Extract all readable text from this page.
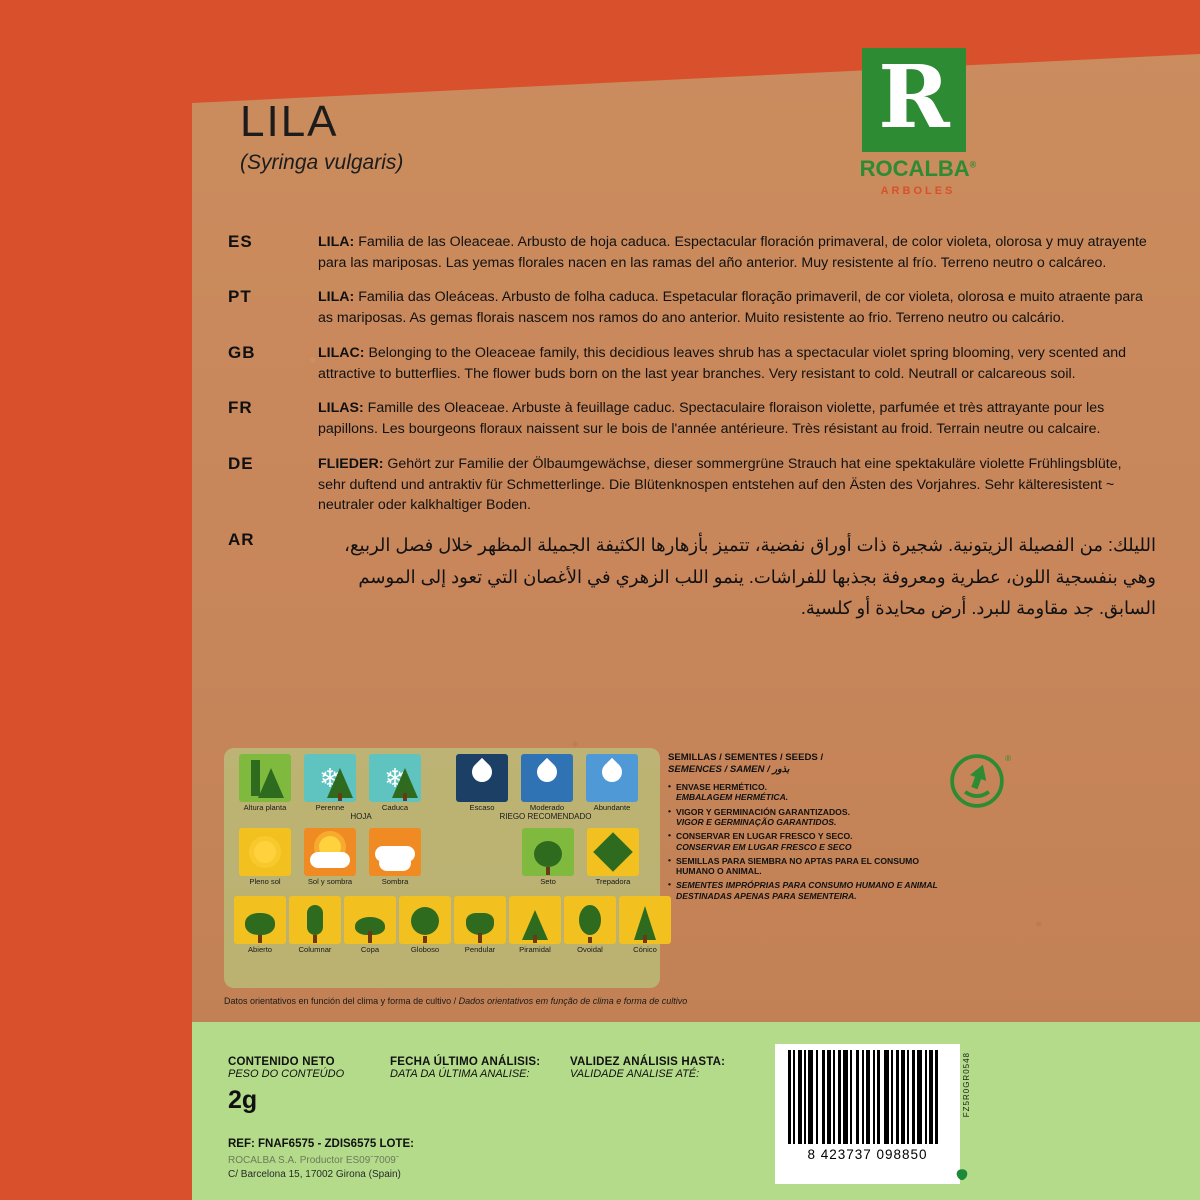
LILA
(Syringa vulgaris)
R
ROCALBA®
ARBOLES
ES	LILA: Familia de las Oleaceae. Arbusto de hoja caduca. Espectacular floración primaveral, de color violeta, olorosa y muy atrayente para las mariposas. Las yemas florales nacen en las ramas del año anterior. Muy resistente al frío. Terreno neutro o calcáreo.
PT	LILA: Familia das Oleáceas. Arbusto de folha caduca. Espetacular floração primaveril, de cor violeta, olorosa e muito atraente para as mariposas. As gemas florais nascem nos ramos do ano anterior. Muito resistente ao frio. Terreno neutro ou calcário.
GB	LILAC: Belonging to the Oleaceae family, this decidious leaves shrub has a spectacular violet spring blooming, very scented and attractive to butterflies. The flower buds born on the last year branches. Very resistant to cold. Neutrall or calcareous soil.
FR	LILAS: Famille des Oleaceae. Arbuste à feuillage caduc. Spectaculaire floraison violette, parfumée et très attrayante pour les papillons. Les bourgeons floraux naissent sur le bois de l'année antérieure. Très résistant au froid. Terrain neutre ou calcaire.
DE	FLIEDER: Gehört zur Familie der Ölbaumgewächse, dieser sommergrüne Strauch hat eine spektakuläre violette Frühlingsblüte, sehr duftend und antraktiv für Schmetterlinge. Die Blütenknospen entstehen auf den Ästen des Vorjahres. Sehr kälteresistent ~ neutraler oder kalkhaltiger Boden.
AR	الليلك: من الفصيلة الزيتونية. شجيرة ذات أوراق نفضية، تتميز بأزهارها الكثيفة الجميلة المظهر خلال فصل الربيع، وهي بنفسجية اللون، عطرية ومعروفة بجذبها للفراشات. ينمو اللب الزهري في الأغصان التي تعود إلى الموسم السابق. جد مقاومة للبرد. أرض محايدة أو كلسية.
Altura planta
❄
Perenne
❄
Caduca	Escaso	Moderado	Abundante
HOJA	RIEGO RECOMENDADO
Pleno sol	Sol y sombra	Sombra	Seto	Trepadora
Abierto	Columnar	Copa	Globoso	Pendular	Piramidal	Ovoidal	Cónico
SEMILLAS / SEMENTES / SEEDS /
SEMENCES / SAMEN / بذور
• ENVASE HERMÉTICO.
EMBALAGEM HERMÉTICA.
• VIGOR Y GERMINACIÓN GARANTIZADOS.
VIGOR E GERMINAÇÃO GARANTIDOS.
• CONSERVAR EN LUGAR FRESCO Y SECO.
CONSERVAR EM LUGAR FRESCO E SECO
• SEMILLAS PARA SIEMBRA NO APTAS PARA EL CONSUMO HUMANO O ANIMAL.
• SEMENTES IMPRÓPRIAS PARA CONSUMO HUMANO E ANIMAL DESTINADAS APENAS PARA SEMENTEIRA.
®
Datos orientativos en función del clima y forma de cultivo / Dados orientativos em função de clima e forma de cultivo
CONTENIDO NETO
PESO DO CONTEÚDO
2g
FECHA ÚLTIMO ANÁLISIS:
DATA DA ÚLTIMA ANALISE:
VALIDEZ ANÁLISIS HASTA:
VALIDADE ANALISE ATÉ:
REF: FNAF6575 - ZDIS6575 LOTE:
ROCALBA S.A. Productor ES09ˉ7009ˉ
C/ Barcelona 15, 17002 Girona (Spain)
8 423737 098850
FZ5R0GR0548
